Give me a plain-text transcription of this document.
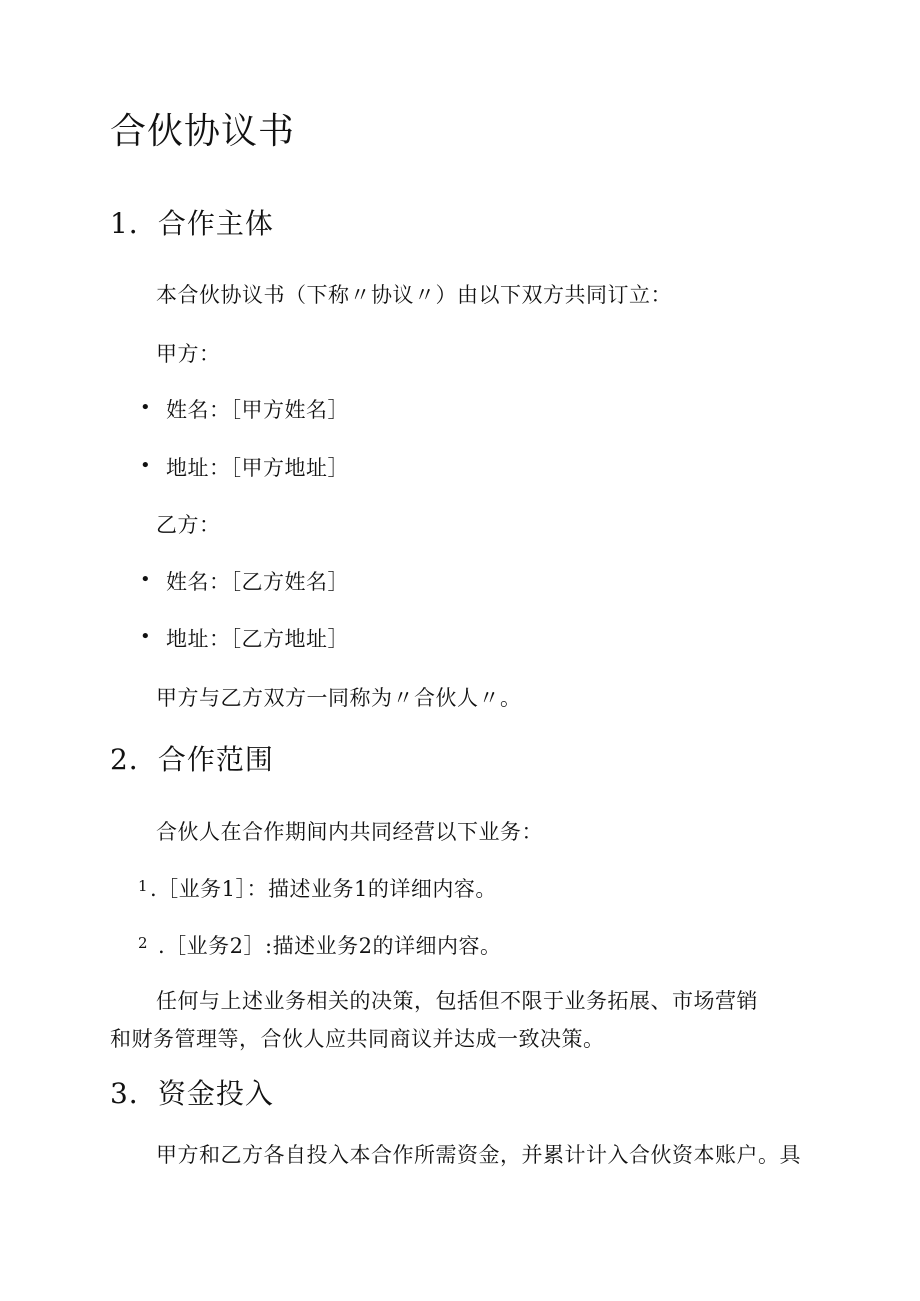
合伙协议书
1．合作主体
本合伙协议书（下称〃协议〃）由以下双方共同订立：
甲方：
• 姓名：［甲方姓名］
• 地址：［甲方地址］
乙方：
• 姓名：［乙方姓名］
• 地址：［乙方地址］
甲方与乙方双方一同称为〃合伙人〃。
2．合作范围
合伙人在合作期间内共同经营以下业务：
1 .［业务1］：描述业务1的详细内容。
2 .［业务2］:描述业务2的详细内容。
任何与上述业务相关的决策，包括但不限于业务拓展、市场营销和财务管理等，合伙人应共同商议并达成一致决策。
3．资金投入
甲方和乙方各自投入本合作所需资金，并累计计入合伙资本账户。具
